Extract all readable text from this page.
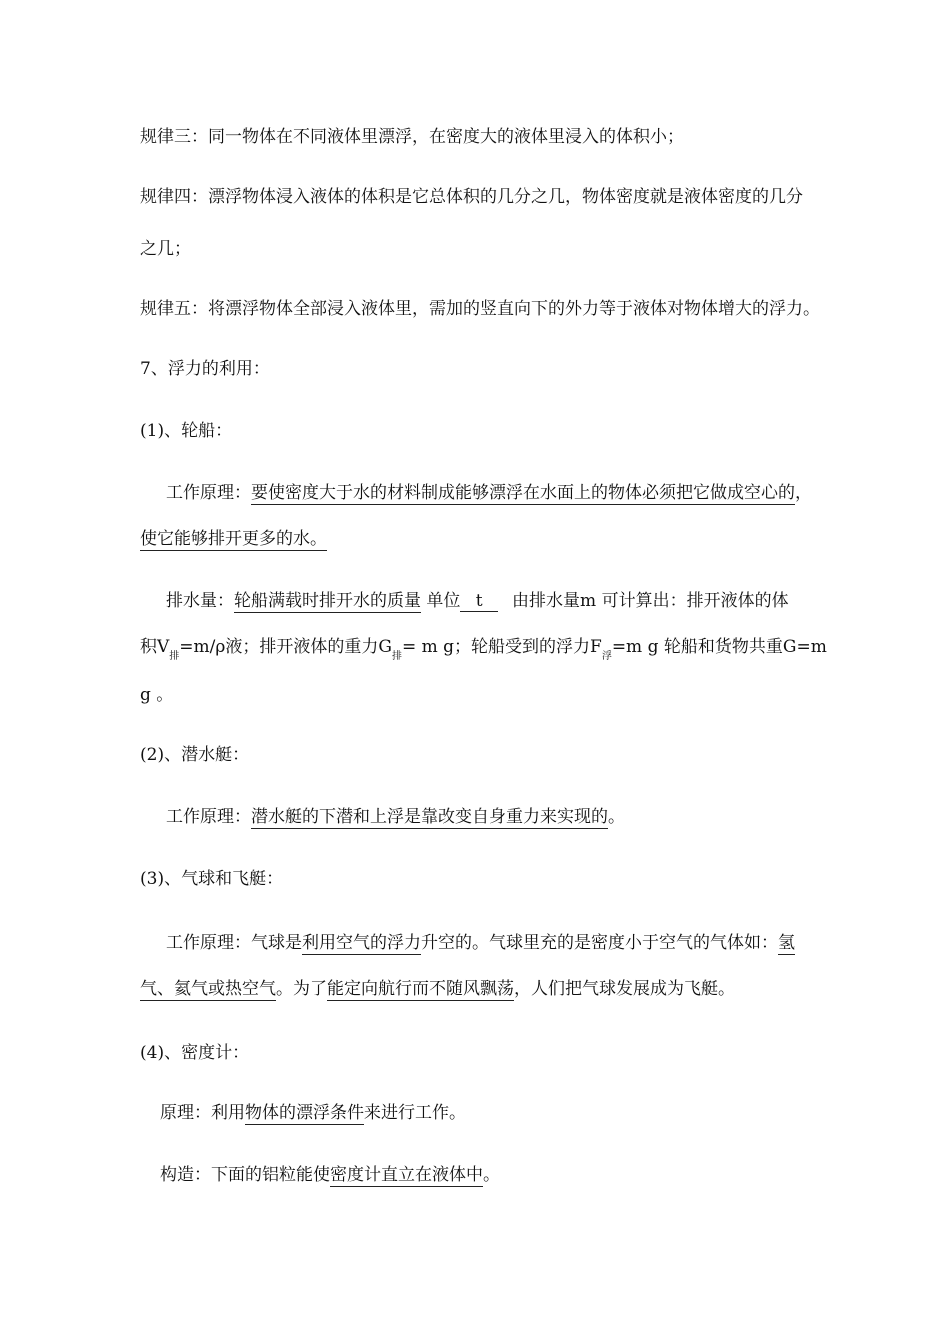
规律三：同一物体在不同液体里漂浮，在密度大的液体里浸入的体积小；
规律四：漂浮物体浸入液体的体积是它总体积的几分之几，物体密度就是液体密度的几分
之几；
规律五：将漂浮物体全部浸入液体里，需加的竖直向下的外力等于液体对物体增大的浮力。
7、浮力的利用：
(1)、轮船：
工作原理：要使密度大于水的材料制成能够漂浮在水面上的物体必须把它做成空心的，
使它能够排开更多的水。
排水量：轮船满载时排开水的质量 单位 t 由排水量m 可计算出：排开液体的体
积$V_排=m/\rho$液；排开液体的重力$G_排= m$ g；轮船受到的浮力$F_浮=m$ g 轮船和货物共重G=m
g 。
(2)、潜水艇：
工作原理：潜水艇的下潜和上浮是靠改变自身重力来实现的。
(3)、气球和飞艇：
工作原理：气球是利用空气的浮力升空的。气球里充的是密度小于空气的气体如：氢
气、氦气或热空气。为了能定向航行而不随风飘荡，人们把气球发展成为飞艇。
(4)、密度计：
原理：利用物体的漂浮条件来进行工作。
构造：下面的铝粒能使密度计直立在液体中。
